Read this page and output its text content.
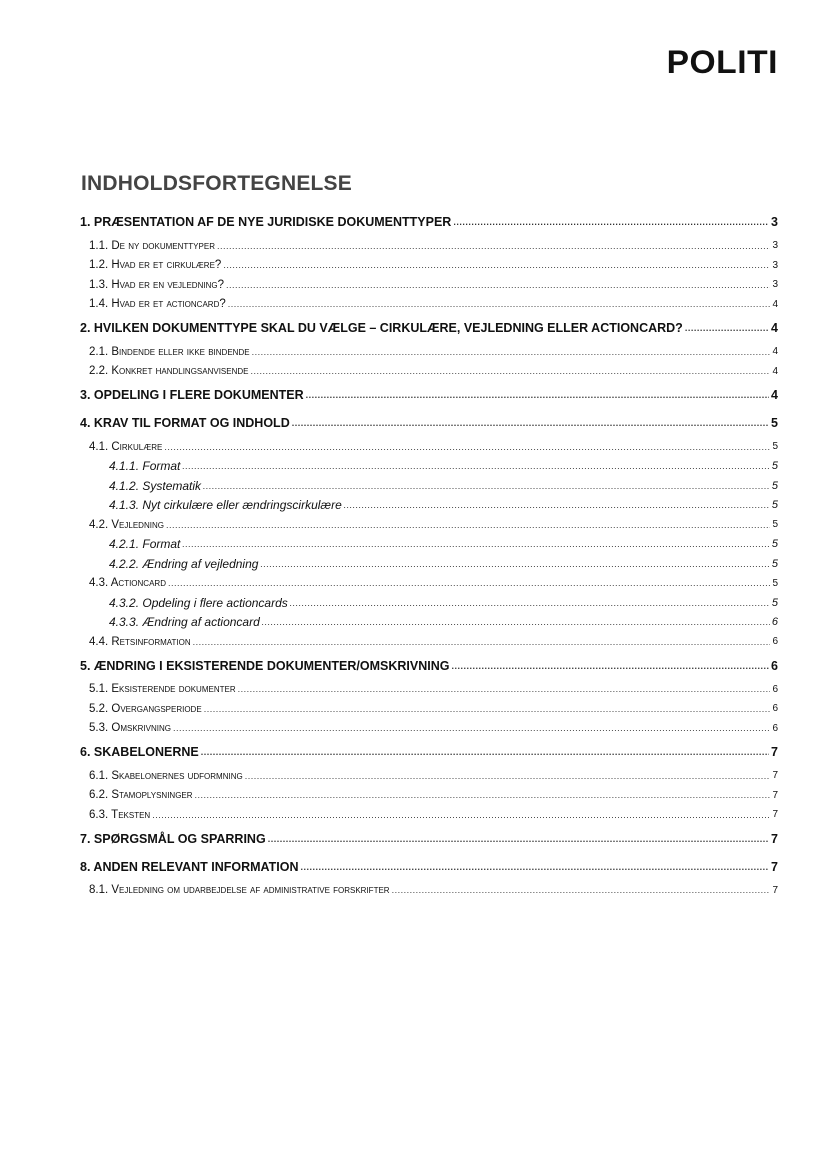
POLITI
INDHOLDSFORTEGNELSE
1. PRÆSENTATION AF DE NYE JURIDISKE DOKUMENTTYPER .....	3
1.1. De ny dokumenttyper .....	3
1.2. Hvad er et cirkulære? .....	3
1.3. Hvad er en vejledning? .....	3
1.4. Hvad er et actioncard? .....	4
2. HVILKEN DOKUMENTTYPE SKAL DU VÆLGE – CIRKULÆRE, VEJLEDNING ELLER ACTIONCARD? .....	4
2.1. Bindende eller ikke bindende .....	4
2.2. Konkret handlingsanvisende .....	4
3. OPDELING I FLERE DOKUMENTER .....	4
4. KRAV TIL FORMAT OG INDHOLD .....	5
4.1. Cirkulære .....	5
4.1.1. Format .....	5
4.1.2. Systematik .....	5
4.1.3. Nyt cirkulære eller ændringscirkulære .....	5
4.2. Vejledning .....	5
4.2.1. Format .....	5
4.2.2. Ændring af vejledning .....	5
4.3. Actioncard .....	5
4.3.2. Opdeling i flere actioncards .....	5
4.3.3. Ændring af actioncard .....	6
4.4. Retsinformation .....	6
5. ÆNDRING I EKSISTERENDE DOKUMENTER/OMSKRIVNING .....	6
5.1. Eksisterende dokumenter .....	6
5.2. Overgangsperiode .....	6
5.3. Omskrivning .....	6
6. SKABELONERNE .....	7
6.1. Skabelonernes udformning .....	7
6.2. Stamoplysninger .....	7
6.3. Teksten .....	7
7. SPØRGSMÅL OG SPARRING .....	7
8. ANDEN RELEVANT INFORMATION .....	7
8.1. Vejledning om udarbejdelse af administrative forskrifter .....	7
